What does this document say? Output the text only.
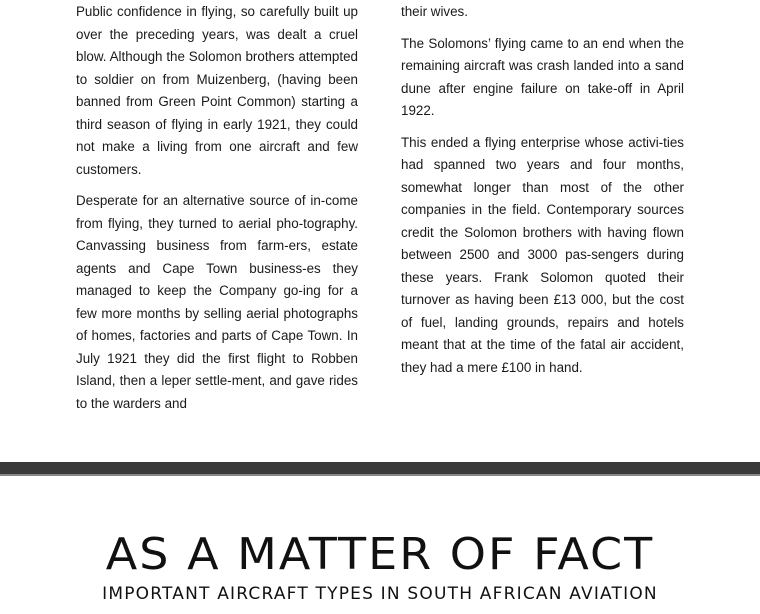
Public confidence in flying, so carefully built up over the preceding years, was dealt a cruel blow. Although the Solomon brothers attempted to soldier on from Muizenberg, (having been banned from Green Point Common) starting a third season of flying in early 1921, they could not make a living from one aircraft and few customers.

Desperate for an alternative source of in-come from flying, they turned to aerial pho-tography. Canvassing business from farm-ers, estate agents and Cape Town business-es they managed to keep the Company go-ing for a few more months by selling aerial photographs of homes, factories and parts of Cape Town. In July 1921 they did the first flight to Robben Island, then a leper settle-ment, and gave rides to the warders and

their wives.

The Solomons’ flying came to an end when the remaining aircraft was crash landed into a sand dune after engine failure on take-off in April 1922.

This ended a flying enterprise whose activi-ties had spanned two years and four months, somewhat longer than most of the other companies in the field. Contemporary sources credit the Solomon brothers with having flown between 2500 and 3000 pas-sengers during these years. Frank Solomon quoted their turnover as having been £13 000, but the cost of fuel, landing grounds, repairs and hotels meant that at the time of the fatal air accident, they had a mere £100 in hand.

AS A MATTER OF FACT
IMPORTANT AIRCRAFT TYPES IN SOUTH AFRICAN AVIATION
